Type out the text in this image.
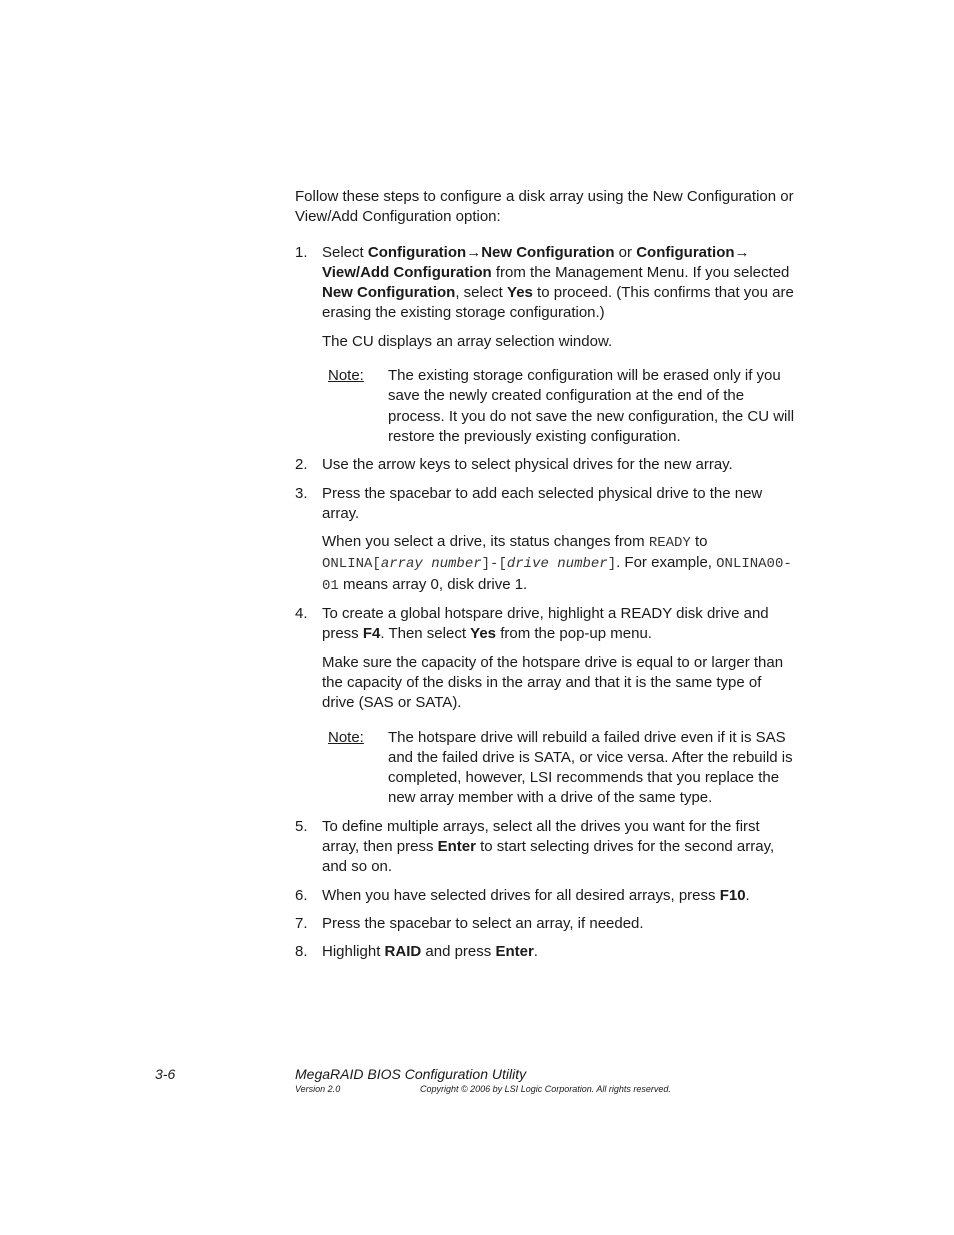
Follow these steps to configure a disk array using the New Configuration or View/Add Configuration option:

1. Select Configuration→New Configuration or Configuration→ View/Add Configuration from the Management Menu. If you selected New Configuration, select Yes to proceed. (This confirms that you are erasing the existing storage configuration.)

The CU displays an array selection window.

Note: The existing storage configuration will be erased only if you save the newly created configuration at the end of the process. It you do not save the new configuration, the CU will restore the previously existing configuration.

2. Use the arrow keys to select physical drives for the new array.

3. Press the spacebar to add each selected physical drive to the new array.

When you select a drive, its status changes from READY to ONLINA[array number]-[drive number]. For example, ONLINA00-01 means array 0, disk drive 1.

4. To create a global hotspare drive, highlight a READY disk drive and press F4. Then select Yes from the pop-up menu.

Make sure the capacity of the hotspare drive is equal to or larger than the capacity of the disks in the array and that it is the same type of drive (SAS or SATA).

Note: The hotspare drive will rebuild a failed drive even if it is SAS and the failed drive is SATA, or vice versa. After the rebuild is completed, however, LSI recommends that you replace the new array member with a drive of the same type.

5. To define multiple arrays, select all the drives you want for the first array, then press Enter to start selecting drives for the second array, and so on.

6. When you have selected drives for all desired arrays, press F10.

7. Press the spacebar to select an array, if needed.

8. Highlight RAID and press Enter.

3-6	MegaRAID BIOS Configuration Utility
Version 2.0	Copyright © 2006 by LSI Logic Corporation. All rights reserved.
